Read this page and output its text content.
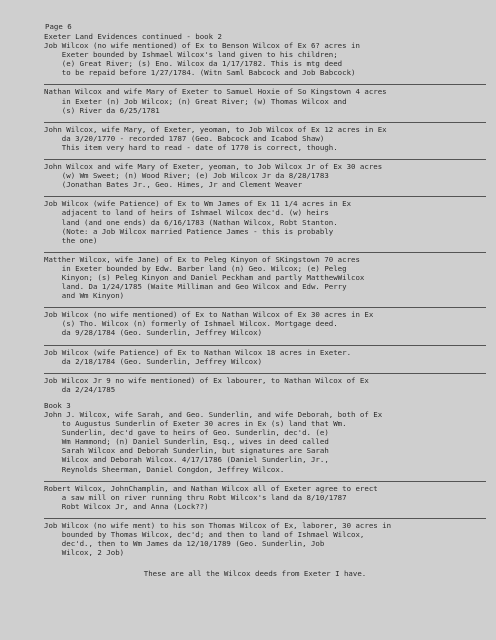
Page 6
Exeter Land Evidences continued - book 2
Job Wilcox (no wife mentioned) of Ex to Benson Wilcox of Ex 6? acres in
Exeter bounded by Ishmael Wilcox's land given to his children;
(e) Great River; (s) Eno. Wilcox da 1/17/1782. This is mtg deed
to be repaid before 1/27/1784. (Witn Saml Babcock and Job Babcock)
Nathan Wilcox and wife Mary of Exeter to Samuel Hoxie of So Kingstown 4 acres
in Exeter (n) Job Wilcox; (n) Great River; (w) Thomas Wilcox and
(s) River da 6/25/1781
John Wilcox, wife Mary, of Exeter, yeoman, to Job Wilcox of Ex 12 acres in Ex
da 3/20/1770 - recorded 1787 (Geo. Babcock and Icabod Shaw)
This item very hard to read - date of 1770 is correct, though.
John Wilcox and wife Mary of Exeter, yeoman, to Job Wilcox Jr of Ex 30 acres
(w) Wm Sweet; (n) Wood River; (e) Job Wilcox Jr da 8/28/1783
(Jonathan Bates Jr., Geo. Himes, Jr and Clement Weaver
Job Wilcox (wife Patience) of Ex to Wm James of Ex 11 1/4 acres in Ex
adjacent to land of heirs of Ishmael Wilcox dec'd. (w) heirs
land (and one ends) da 6/16/1783 (Nathan Wilcox, Robt Stanton.
(Note: a Job Wilcox married Patience James - this is probably
the one)
Matther Wilcox, wife Jane) of Ex to Peleg Kinyon of SKingstown 70 acres
in Exeter bounded by Edw. Barber land (n) Geo. Wilcox; (e) Peleg
Kinyon; (s) Peleg Kinyon and Daniel Peckham and partly MatthewWilcox
land. Da 1/24/1785 (Waite Milliman and Geo Wilcox and Edw. Perry
and Wm Kinyon)
Job Wilcox (no wife mentioned) of Ex to Nathan Wilcox of Ex 30 acres in Ex
(s) Tho. Wilcox (n) formerly of Ishmael Wilcox. Mortgage deed.
da 9/28/1784 (Geo. Sunderlin, Jeffrey Wilcox)
Job Wilcox (wife Patience) of Ex to Nathan Wilcox 18 acres in Exeter.
da 2/18/1784 (Geo. Sunderlin, Jeffrey Wilcox)
Job Wilcox Jr 9 no wife mentioned) of Ex labourer, to Nathan Wilcox of Ex
da 2/24/1785
Book 3
John J. Wilcox, wife Sarah, and Geo. Sunderlin, and wife Deborah, both of Ex
to Augustus Sunderlin of Exeter 30 acres in Ex (s) land that Wm.
Sunderlin, dec'd gave to heirs of Geo. Sunderlin, dec'd. (e)
Wm Hammond; (n) Daniel Sunderlin, Esq., wives in deed called
Sarah Wilcox and Deborah Sunderlin, but signatures are Sarah
Wilcox and Deborah Wilcox. 4/17/1786 (Daniel Sunderlin, Jr.,
Reynolds Sheerman, Daniel Congdon, Jeffrey Wilcox.
Robert Wilcox, JohnChamplin, and Nathan Wilcox all of Exeter agree to erect
a saw mill on river running thru Robt Wilcox's land da 8/10/1787
Robt Wilcox Jr, and Anna (Lock??)
Job Wilcox (no wife ment) to his son Thomas Wilcox of Ex, laborer, 30 acres in
bounded by Thomas Wilcox, dec'd; and then to land of Ishmael Wilcox,
dec'd., then to Wm James da 12/10/1789 (Geo. Sunderlin, Job
Wilcox, 2 Job)
These are all the Wilcox deeds from Exeter I have.
